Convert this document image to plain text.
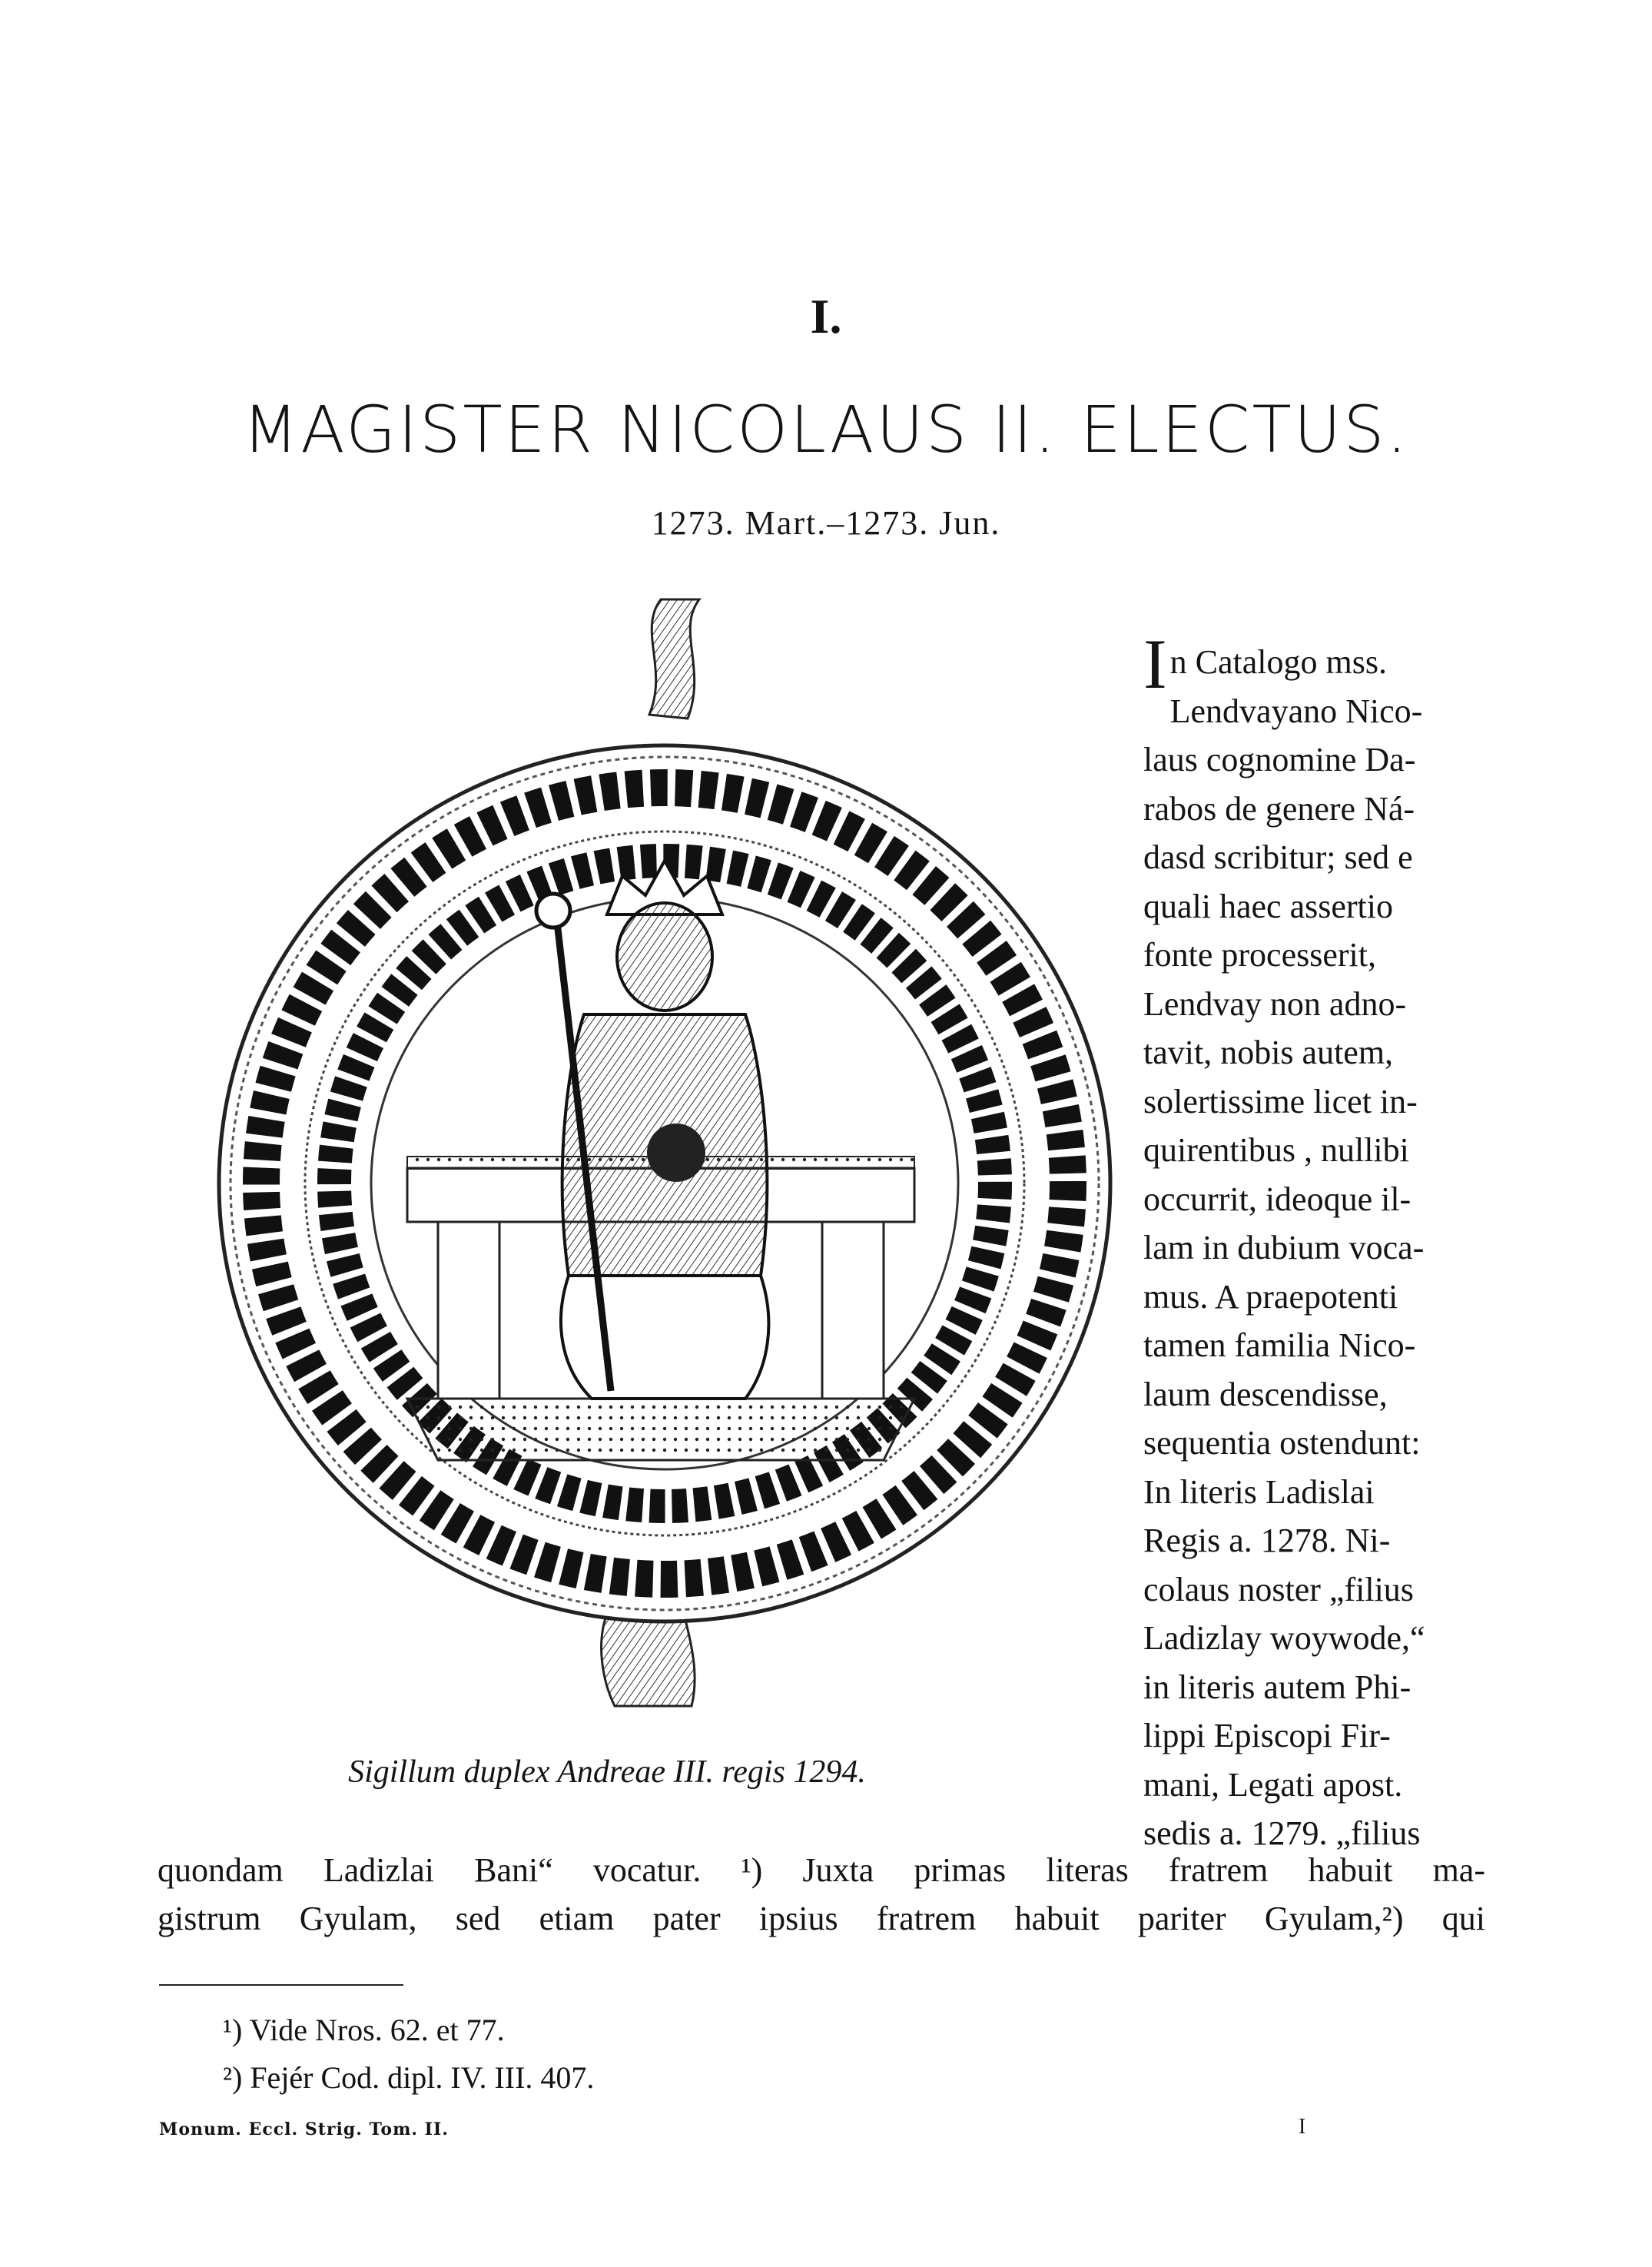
I.
MAGISTER NICOLAUS II. ELECTUS.
1273. Mart.–1273. Jun.
Sigillum duplex Andreae III. regis 1294.
I n Catalogo mss.
Lendvayano Nico-
laus cognomine Da-
rabos de genere Ná-
dasd scribitur; sed e
quali haec assertio
fonte processerit,
Lendvay non adno-
tavit, nobis autem,
solertissime licet in-
quirentibus , nullibi
occurrit, ideoque il-
lam in dubium voca-
mus. A praepotenti
tamen familia Nico-
laum descendisse,
sequentia ostendunt:
In literis Ladislai
Regis a. 1278. Ni-
colaus noster „filius
Ladizlay woywode,“
in literis autem Phi-
lippi Episcopi Fir-
mani, Legati apost.
sedis a. 1279. „filius
quondam Ladizlai Bani“ vocatur. ¹) Juxta primas literas fratrem habuit ma-
gistrum Gyulam, sed etiam pater ipsius fratrem habuit pariter Gyulam,²) qui
¹) Vide Nros. 62. et 77.
²) Fejér Cod. dipl. IV. III. 407.
Monum. Eccl. Strig. Tom. II.	I
